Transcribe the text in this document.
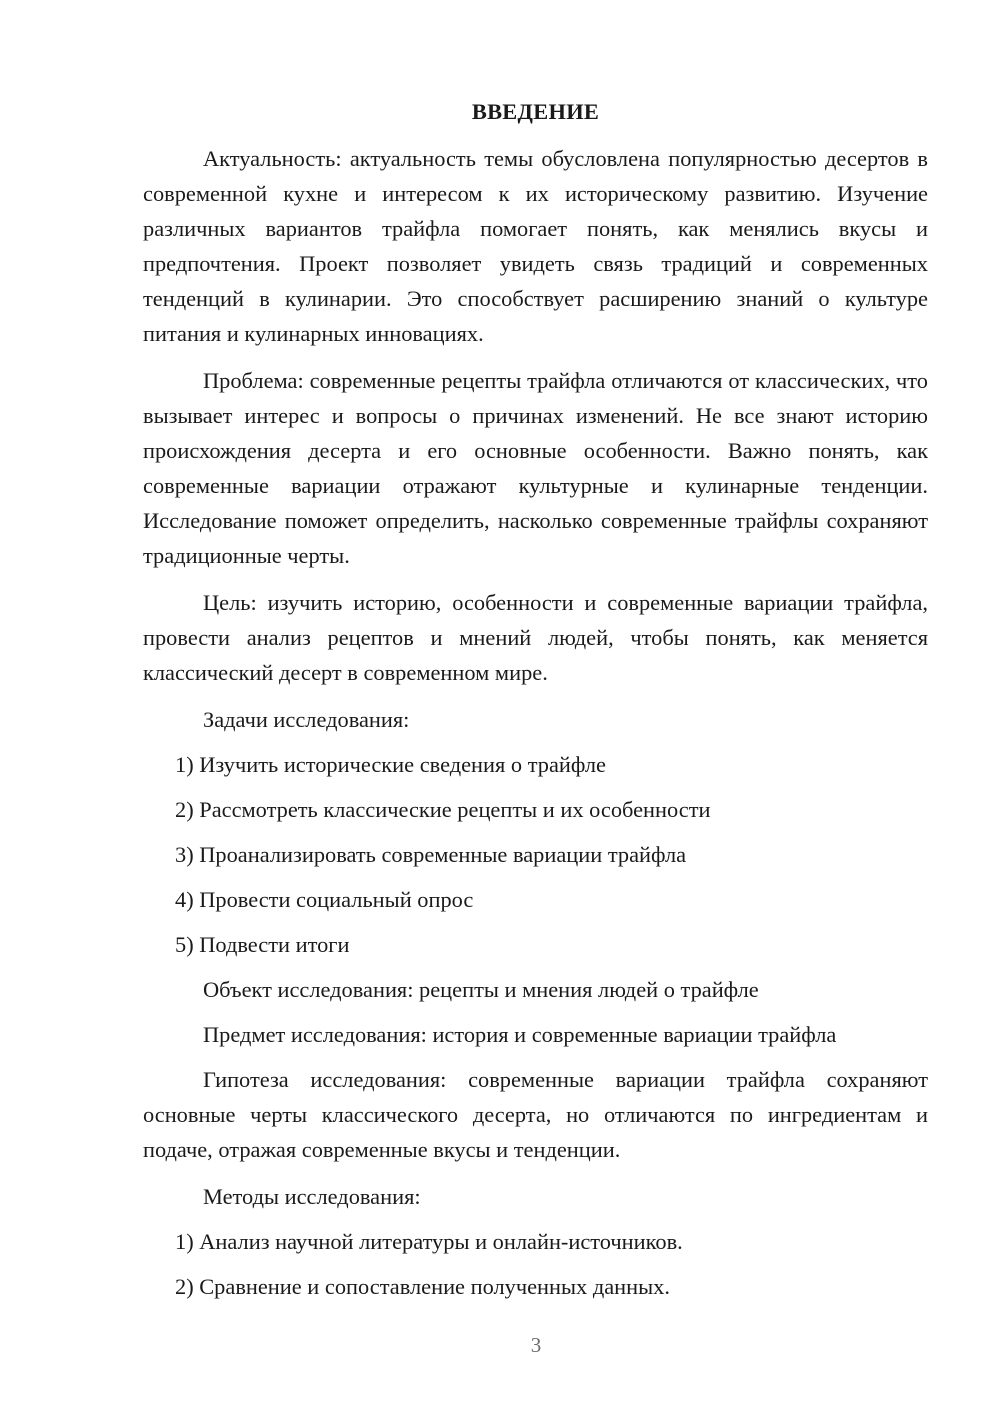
ВВЕДЕНИЕ

Актуальность: актуальность темы обусловлена популярностью десертов в современной кухне и интересом к их историческому развитию. Изучение различных вариантов трайфла помогает понять, как менялись вкусы и предпочтения. Проект позволяет увидеть связь традиций и современных тенденций в кулинарии. Это способствует расширению знаний о культуре питания и кулинарных инновациях.

Проблема: современные рецепты трайфла отличаются от классических, что вызывает интерес и вопросы о причинах изменений. Не все знают историю происхождения десерта и его основные особенности. Важно понять, как современные вариации отражают культурные и кулинарные тенденции. Исследование поможет определить, насколько современные трайфлы сохраняют традиционные черты.

Цель: изучить историю, особенности и современные вариации трайфла, провести анализ рецептов и мнений людей, чтобы понять, как меняется классический десерт в современном мире.

Задачи исследования:
1) Изучить исторические сведения о трайфле
2) Рассмотреть классические рецепты и их особенности
3) Проанализировать современные вариации трайфла
4) Провести социальный опрос
5) Подвести итоги
Объект исследования: рецепты и мнения людей о трайфле
Предмет исследования: история и современные вариации трайфла

Гипотеза исследования: современные вариации трайфла сохраняют основные черты классического десерта, но отличаются по ингредиентам и подаче, отражая современные вкусы и тенденции.

Методы исследования:
1) Анализ научной литературы и онлайн-источников.
2) Сравнение и сопоставление полученных данных.
3
